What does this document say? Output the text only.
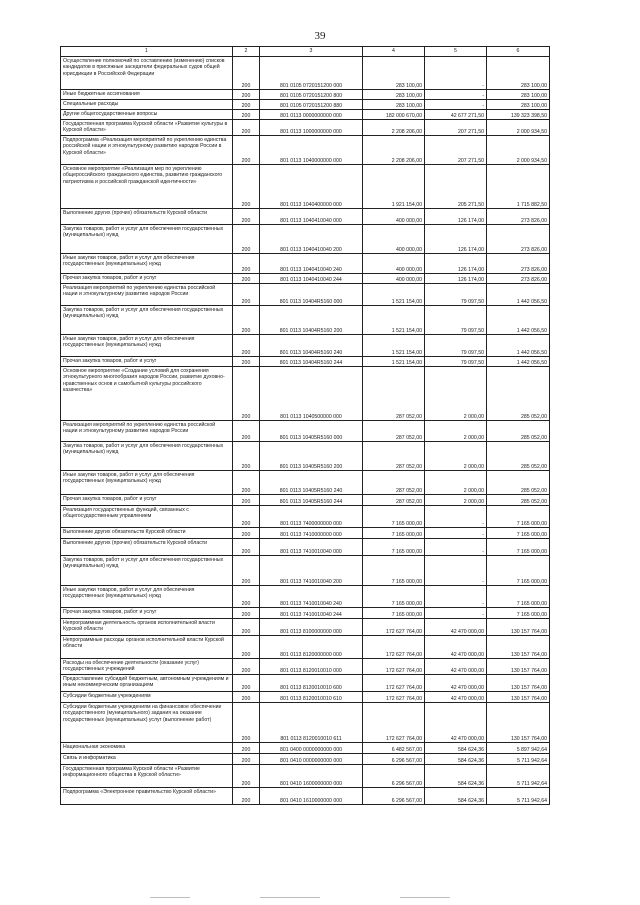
39
1	2	3	4	5	6
Осуществление полномочий по составлению (изменению) списков кандидатов в присяжные заседатели федеральных судов общей юрисдикции в Российской Федерации	200	801 0105 0720151200 000	283 100,00	-	283 100,00
Иные бюджетные ассигнования	200	801 0105 0720151200 800	283 100,00	-	283 100,00
Специальные расходы	200	801 0105 0720151200 880	283 100,00	-	283 100,00
Другие общегосударственные вопросы	200	801 0113 0000000000 000	182 000 670,00	42 677 271,50	139 323 398,50
Государственная программа Курской области «Развитие культуры в Курской области»	200	801 0113 1000000000 000	2 208 206,00	207 271,50	2 000 934,50
Подпрограмма «Реализация мероприятий по укреплению единства российской нации и этнокультурному развитию народов России в Курской области»	200	801 0113 1040000000 000	2 208 206,00	207 271,50	2 000 934,50
Основное мероприятие «Реализация мер по укреплению общероссийского гражданского единства, развитию гражданского патриотизма и российской гражданской идентичности»	200	801 0113 1040400000 000	1 921 154,00	205 271,50	1 715 882,50
Выполнение других (прочих) обязательств Курской области	200	801 0113 1040410040 000	400 000,00	126 174,00	273 826,00
Закупка товаров, работ и услуг для обеспечения государственных (муниципальных) нужд	200	801 0113 1040410040 200	400 000,00	126 174,00	273 826,00
Иные закупки товаров, работ и услуг для обеспечения государственных (муниципальных) нужд	200	801 0113 1040410040 240	400 000,00	126 174,00	273 826,00
Прочая закупка товаров, работ и услуг	200	801 0113 1040410040 244	400 000,00	126 174,00	273 826,00
Реализация мероприятий по укреплению единства российской нации и этнокультурному развитию народов России	200	801 0113 10404R5160 000	1 521 154,00	79 097,50	1 442 056,50
Закупка товаров, работ и услуг для обеспечения государственных (муниципальных) нужд	200	801 0113 10404R5160 200	1 521 154,00	79 097,50	1 442 056,50
Иные закупки товаров, работ и услуг для обеспечения государственных (муниципальных) нужд	200	801 0113 10404R5160 240	1 521 154,00	79 097,50	1 442 056,50
Прочая закупка товаров, работ и услуг	200	801 0113 10404R5160 244	1 521 154,00	79 097,50	1 442 056,50
Основное мероприятие «Создание условий для сохранения этнокультурного многообразия народов России, развитие духовно-нравственных основ и самобытной культуры российского казачества»	200	801 0113 1040500000 000	287 052,00	2 000,00	285 052,00
Реализация мероприятий по укреплению единства российской нации и этнокультурному развитию народов России	200	801 0113 10405R5160 000	287 052,00	2 000,00	285 052,00
Закупка товаров, работ и услуг для обеспечения государственных (муниципальных) нужд	200	801 0113 10405R5160 200	287 052,00	2 000,00	285 052,00
Иные закупки товаров, работ и услуг для обеспечения государственных (муниципальных) нужд	200	801 0113 10405R5160 240	287 052,00	2 000,00	285 052,00
Прочая закупка товаров, работ и услуг	200	801 0113 10405R5160 244	287 052,00	2 000,00	285 052,00
Реализация государственных функций, связанных с общегосударственным управлением	200	801 0113 7400000000 000	7 165 000,00	-	7 165 000,00
Выполнение других обязательств Курской области	200	801 0113 7410000000 000	7 165 000,00	-	7 165 000,00
Выполнение других (прочих) обязательств Курской области	200	801 0113 7410010040 000	7 165 000,00	-	7 165 000,00
Закупка товаров, работ и услуг для обеспечения государственных (муниципальных) нужд	200	801 0113 7410010040 200	7 165 000,00	-	7 165 000,00
Иные закупки товаров, работ и услуг для обеспечения государственных (муниципальных) нужд	200	801 0113 7410010040 240	7 165 000,00	-	7 165 000,00
Прочая закупка товаров, работ и услуг	200	801 0113 7410010040 244	7 165 000,00	-	7 165 000,00
Непрограммная деятельность органов исполнительной власти Курской области	200	801 0113 8100000000 000	172 627 764,00	42 470 000,00	130 157 764,00
Непрограммные расходы органов исполнительной власти Курской области	200	801 0113 8120000000 000	172 627 764,00	42 470 000,00	130 157 764,00
Расходы на обеспечение деятельности (оказание услуг) государственных учреждений	200	801 0113 8120010010 000	172 627 764,00	42 470 000,00	130 157 764,00
Предоставление субсидий бюджетным, автономным учреждениям и иным некоммерческим организациям	200	801 0113 8120010010 600	172 627 764,00	42 470 000,00	130 157 764,00
Субсидии бюджетным учреждениям	200	801 0113 8120010010 610	172 627 764,00	42 470 000,00	130 157 764,00
Субсидии бюджетным учреждениям на финансовое обеспечение государственного (муниципального) задания на оказание государственных (муниципальных) услуг (выполнение работ)	200	801 0113 8120010010 611	172 627 764,00	42 470 000,00	130 157 764,00
Национальная экономика	200	801 0400 0000000000 000	6 482 567,00	584 624,36	5 897 942,64
Связь и информатика	200	801 0410 0000000000 000	6 296 567,00	584 624,36	5 711 942,64
Государственная программа Курской области «Развитие информационного общества в Курской области»	200	801 0410 1600000000 000	6 296 567,00	584 624,36	5 711 942,64
Подпрограмма «Электронное правительство Курской области»	200	801 0410 1610000000 000	6 296 567,00	584 624,36	5 711 942,64
